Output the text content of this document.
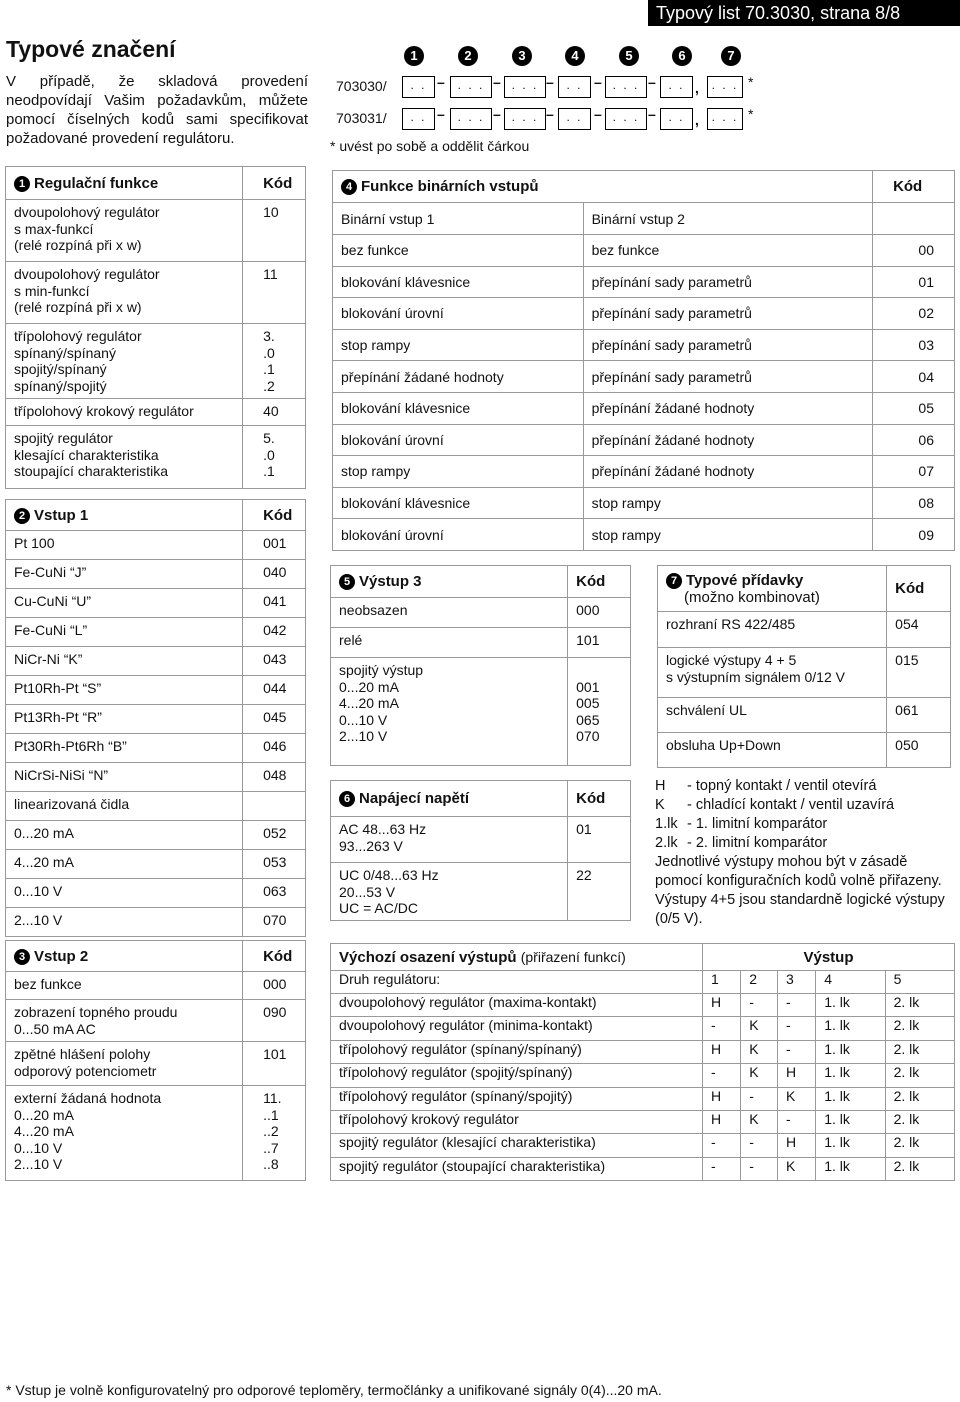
Typový list 70.3030, strana 8/8
Typové značení
V případě, že skladová provedení neodpovídají Vašim požadavkům, můžete pomocí číselných kodů sami specifikovat požadované provedení regulátoru.
1	2	3	4	5	6	7
703030/	. .	. . .	. . .	. .	. . .	. .	. . .
–	–	–	–	–	,	*
703031/	. .	. . .	. . .	. .	. . .	. .	. . .
–	–	–	–	–	,	*
* uvést po sobě a oddělit čárkou
1 Regulační funkce	Kód
dvoupolohový regulátor
s max-funkcí
(relé rozpíná při x w)	10
dvoupolohový regulátor
s min-funkcí
(relé rozpíná při x w)	11
třípolohový regulátor
spínaný/spínaný
spojitý/spínaný
spínaný/spojitý	3.
.0
.1
.2
třípolohový krokový regulátor	40
spojitý regulátor
klesající charakteristika
stoupající charakteristika	5.
.0
.1
2 Vstup 1	Kód
Pt 100	001
Fe-CuNi “J”	040
Cu-CuNi “U”	041
Fe-CuNi “L”	042
NiCr-Ni “K”	043
Pt10Rh-Pt “S”	044
Pt13Rh-Pt “R”	045
Pt30Rh-Pt6Rh “B”	046
NiCrSi-NiSi “N”	048
linearizovaná čidla	
0...20 mA	052
4...20 mA	053
0...10 V	063
2...10 V	070
3 Vstup 2	Kód
bez funkce	000
zobrazení topného proudu
0...50 mA AC	090
zpětné hlášení polohy
odporový potenciometr	101
externí žádaná hodnota
0...20 mA
4...20 mA
0...10 V
2...10 V	11.
..1
..2
..7
..8
4 Funkce binárních vstupů		Kód
Binární vstup 1	Binární vstup 2	
bez funkce	bez funkce	00
blokování klávesnice	přepínání sady parametrů	01
blokování úrovní	přepínání sady parametrů	02
stop rampy	přepínání sady parametrů	03
přepínání žádané hodnoty	přepínání sady parametrů	04
blokování klávesnice	přepínání žádané hodnoty	05
blokování úrovní	přepínání žádané hodnoty	06
stop rampy	přepínání žádané hodnoty	07
blokování klávesnice	stop rampy	08
blokování úrovní	stop rampy	09
5 Výstup 3	Kód
neobsazen	000
relé	101
spojitý výstup
0...20 mA
4...20 mA
0...10 V
2...10 V	
001
005
065
070
6 Napájecí napětí	Kód
AC 48...63 Hz
93...263 V	01
UC 0/48...63 Hz
20...53 V
UC = AC/DC	22
7 Typové přídavky
(možno kombinovat)	Kód
rozhraní RS 422/485	054
logické výstupy 4 + 5
s výstupním signálem 0/12 V	015
schválení UL	061
obsluha Up+Down	050
H	- topný kontakt / ventil otevírá
K	- chladící kontakt / ventil uzavírá
1.lk - 1. limitní komparátor
2.lk - 2. limitní komparátor
Jednotlivé výstupy mohou být v zásadě pomocí konfiguračních kodů volně přiřazeny. Výstupy 4+5 jsou standardně logické výstupy (0/5 V).
Výchozí osazení výstupů (přiřazení funkcí)	Výstup				
Druh regulátoru:	1	2	3	4	5
dvoupolohový regulátor (maxima-kontakt)	H	-	-	1. lk	2. lk
dvoupolohový regulátor (minima-kontakt)	-	K	-	1. lk	2. lk
třípolohový regulátor (spínaný/spínaný)	H	K	-	1. lk	2. lk
třípolohový regulátor (spojitý/spínaný)	-	K	H	1. lk	2. lk
třípolohový regulátor (spínaný/spojitý)	H	-	K	1. lk	2. lk
třípolohový krokový regulátor	H	K	-	1. lk	2. lk
spojitý regulátor (klesající charakteristika)	-	-	H	1. lk	2. lk
spojitý regulátor (stoupající charakteristika)	-	-	K	1. lk	2. lk
* Vstup je volně konfigurovatelný pro odporové teploměry, termočlánky a unifikované signály 0(4)...20 mA.
